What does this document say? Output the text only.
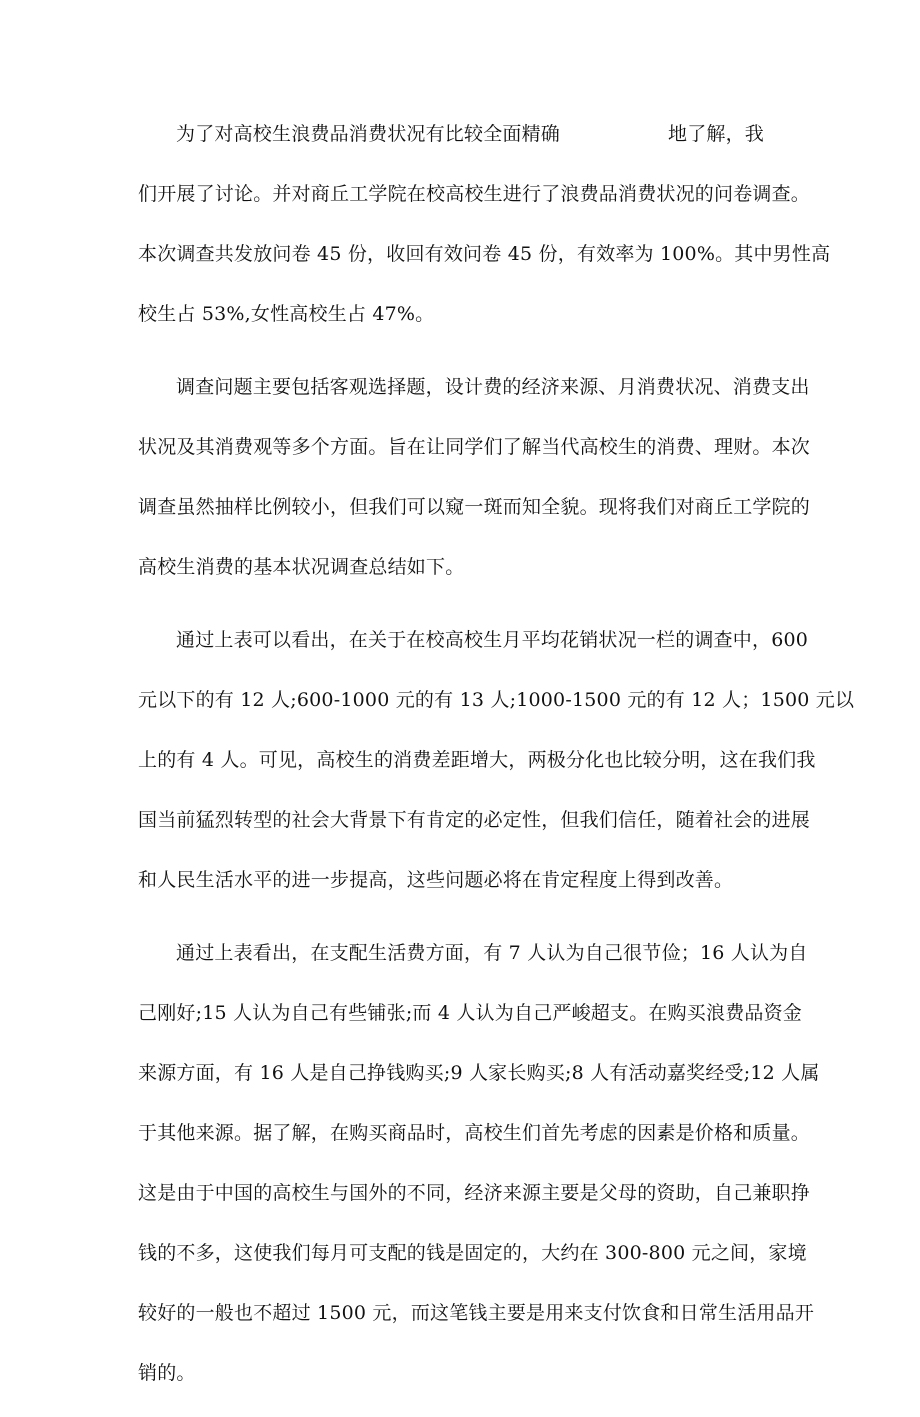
为了对高校生浪费品消费状况有比较全面精确	地了解，我
们开展了讨论。并对商丘工学院在校高校生进行了浪费品消费状况的问卷调查。
本次调查共发放问卷 45 份，收回有效问卷 45 份，有效率为 100%。其中男性高
校生占 53%,女性高校生占 47%。
调查问题主要包括客观选择题，设计费的经济来源、月消费状况、消费支出
状况及其消费观等多个方面。旨在让同学们了解当代高校生的消费、理财。本次
调查虽然抽样比例较小，但我们可以窥一斑而知全貌。现将我们对商丘工学院的
高校生消费的基本状况调查总结如下。
通过上表可以看出，在关于在校高校生月平均花销状况一栏的调查中，600
元以下的有 12 人;600-1000 元的有 13 人;1000-1500 元的有 12 人；1500 元以
上的有 4 人。可见，高校生的消费差距增大，两极分化也比较分明，这在我们我
国当前猛烈转型的社会大背景下有肯定的必定性，但我们信任，随着社会的进展
和人民生活水平的进一步提高，这些问题必将在肯定程度上得到改善。
通过上表看出，在支配生活费方面，有 7 人认为自己很节俭；16 人认为自
己刚好;15 人认为自己有些铺张;而 4 人认为自己严峻超支。在购买浪费品资金
来源方面，有 16 人是自己挣钱购买;9 人家长购买;8 人有活动嘉奖经受;12 人属
于其他来源。据了解，在购买商品时，高校生们首先考虑的因素是价格和质量。
这是由于中国的高校生与国外的不同，经济来源主要是父母的资助，自己兼职挣
钱的不多，这使我们每月可支配的钱是固定的，大约在 300-800 元之间，家境
较好的一般也不超过 1500 元，而这笔钱主要是用来支付饮食和日常生活用品开
销的。
